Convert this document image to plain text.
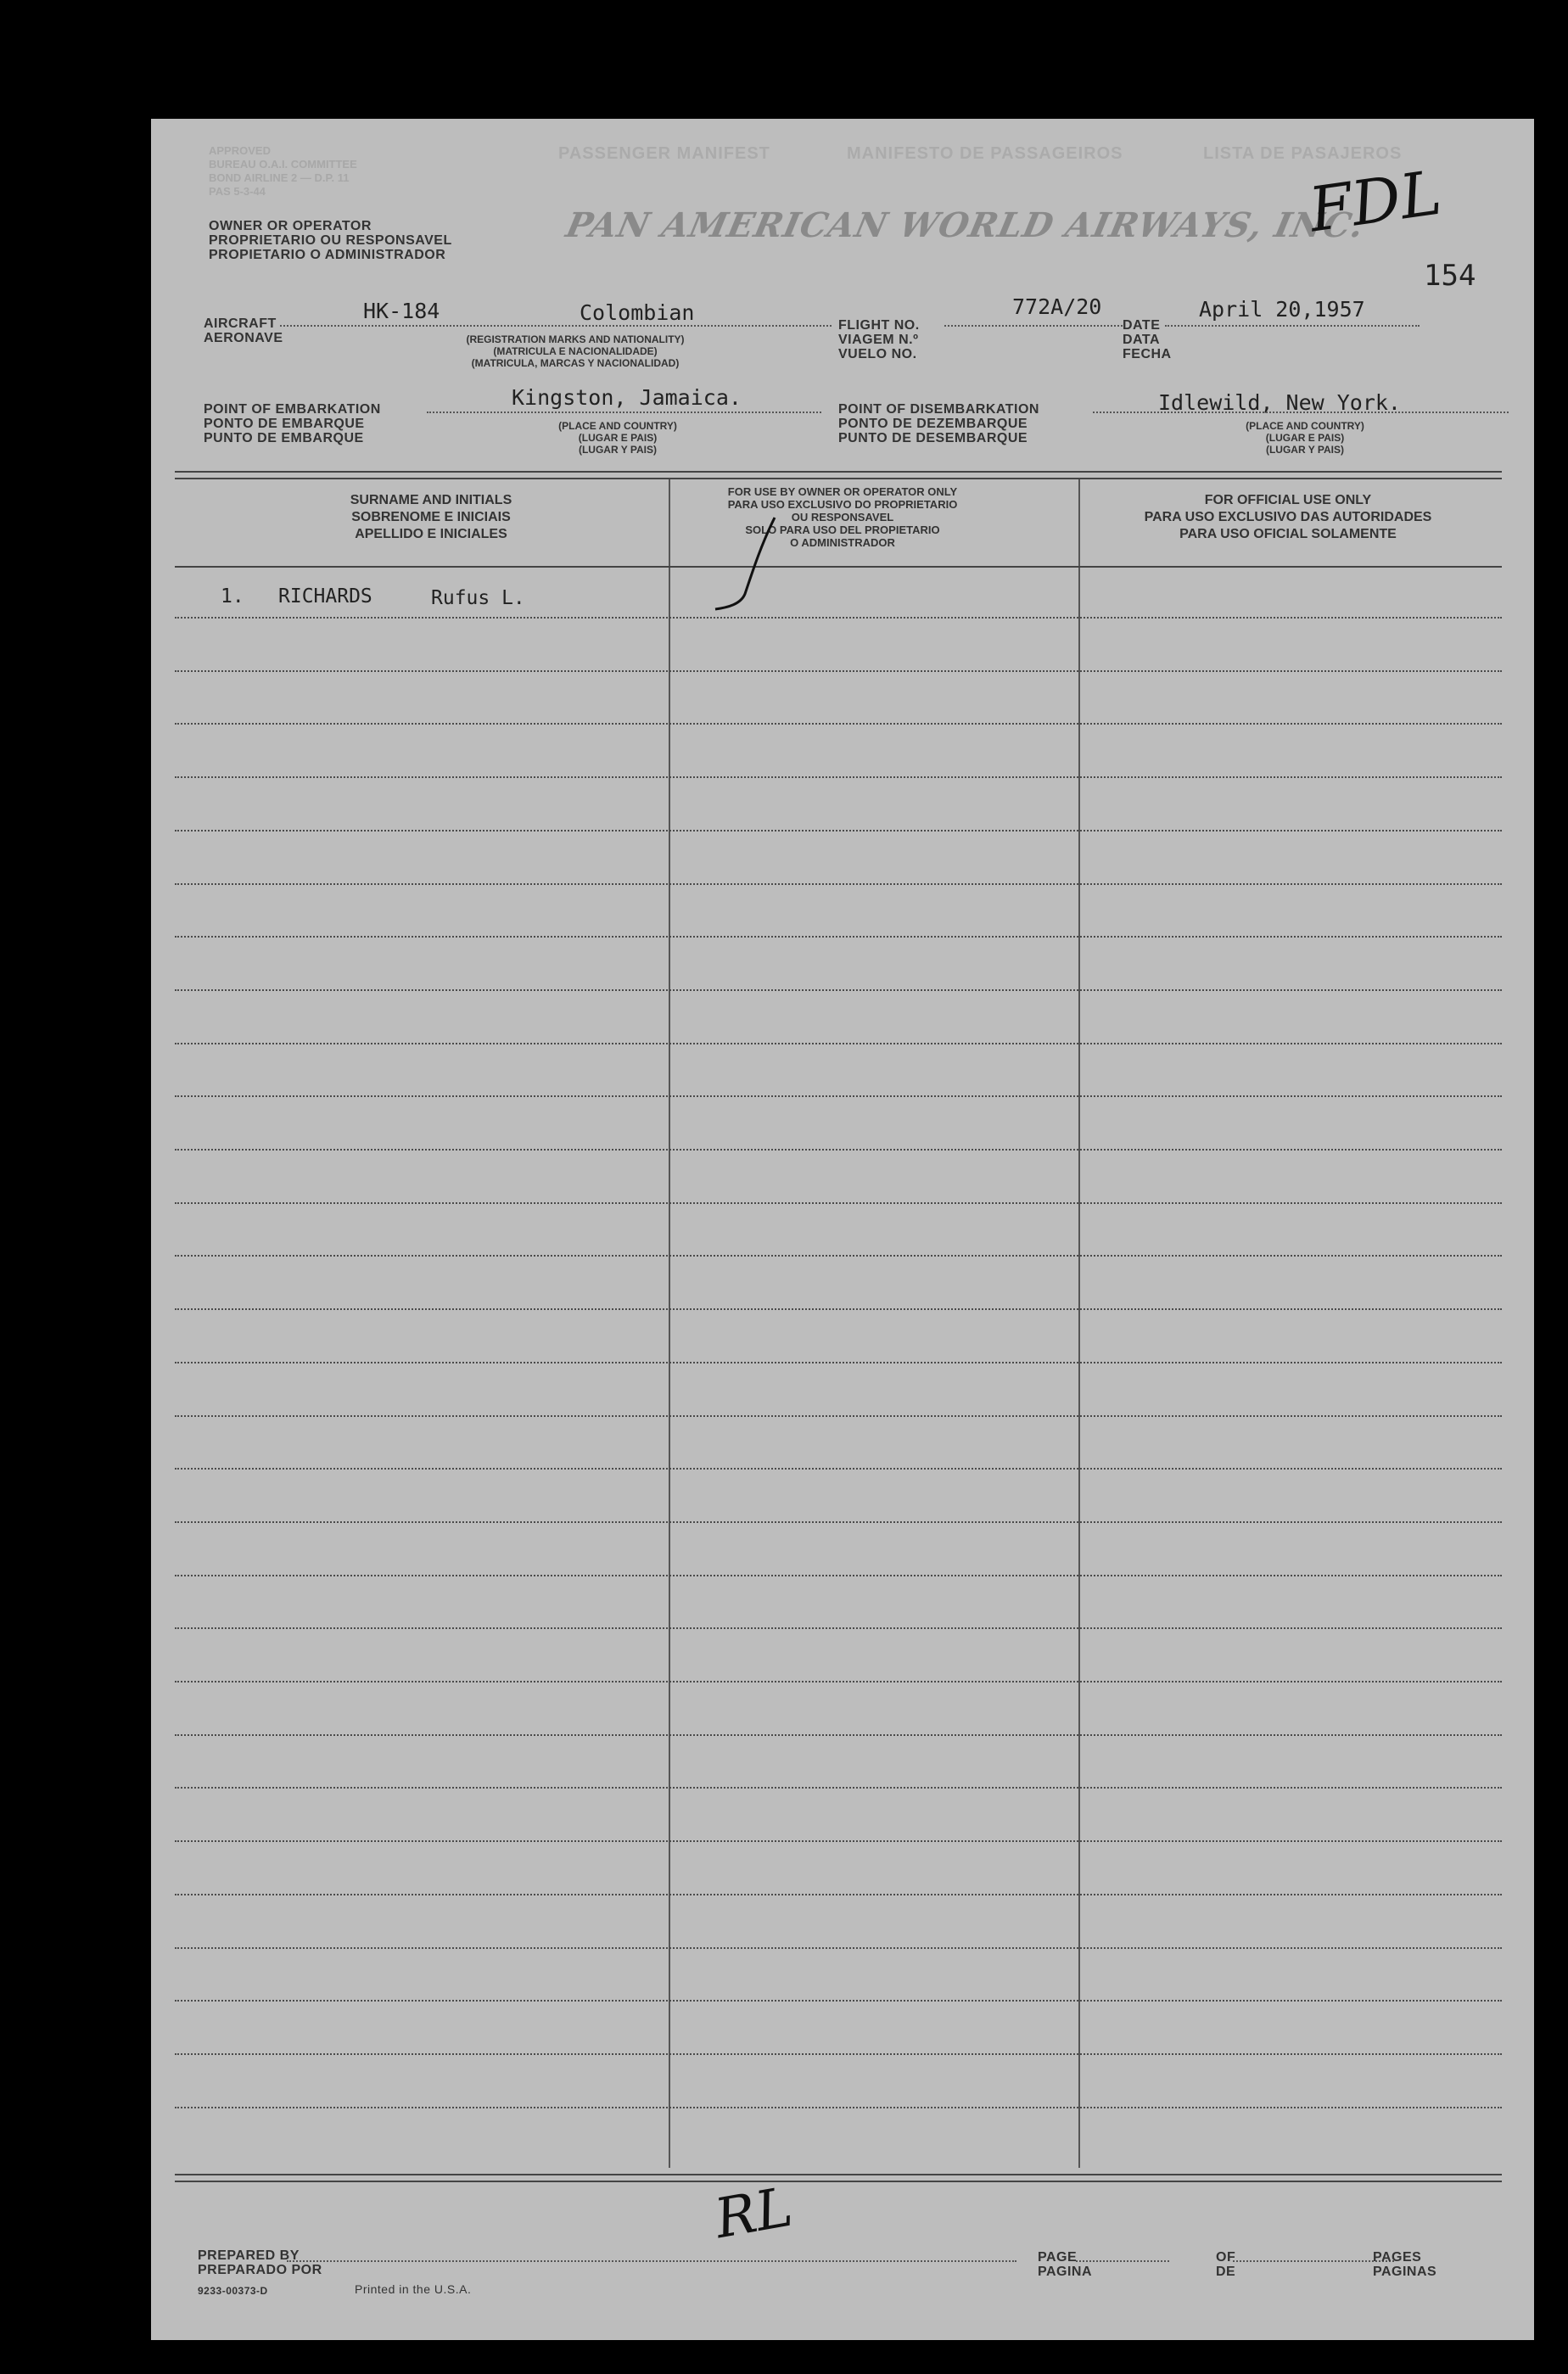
APPROVED
BUREAU O.A.I. COMMITTEE
BOND AIRLINE 2 — D.P. 11
PAS 5-3-44
PASSENGER MANIFEST	MANIFESTO DE PASSAGEIROS	LISTA DE PASAJEROS
OWNER OR OPERATOR
PROPRIETARIO OU RESPONSAVEL
PROPIETARIO O ADMINISTRADOR
PAN AMERICAN WORLD AIRWAYS, INC.
FDL
154
AIRCRAFT
AERONAVE
HK-184	Colombian
(REGISTRATION MARKS AND NATIONALITY)
(MATRICULA E NACIONALIDADE)
(MATRICULA, MARCAS Y NACIONALIDAD)
FLIGHT NO.
VIAGEM N.º
VUELO NO.
772A/20
DATE
DATA
FECHA
April 20,1957
POINT OF EMBARKATION
PONTO DE EMBARQUE
PUNTO DE EMBARQUE
Kingston, Jamaica.
(PLACE AND COUNTRY)
(LUGAR E PAIS)
(LUGAR Y PAIS)
POINT OF DISEMBARKATION
PONTO DE DEZEMBARQUE
PUNTO DE DESEMBARQUE
Idlewild, New York.
(PLACE AND COUNTRY)
(LUGAR E PAIS)
(LUGAR Y PAIS)
SURNAME AND INITIALS
SOBRENOME E INICIAIS
APELLIDO E INICIALES
FOR USE BY OWNER OR OPERATOR ONLY
PARA USO EXCLUSIVO DO PROPRIETARIO
OU RESPONSAVEL
SOLO PARA USO DEL PROPIETARIO
O ADMINISTRADOR
FOR OFFICIAL USE ONLY
PARA USO EXCLUSIVO DAS AUTORIDADES
PARA USO OFICIAL SOLAMENTE
1. RICHARDS	Rufus L.
PREPARED BY
PREPARADO POR
RL
9233-00373-D	Printed in the U.S.A.
PAGE
PAGINA
OF
DE
PAGES
PAGINAS
